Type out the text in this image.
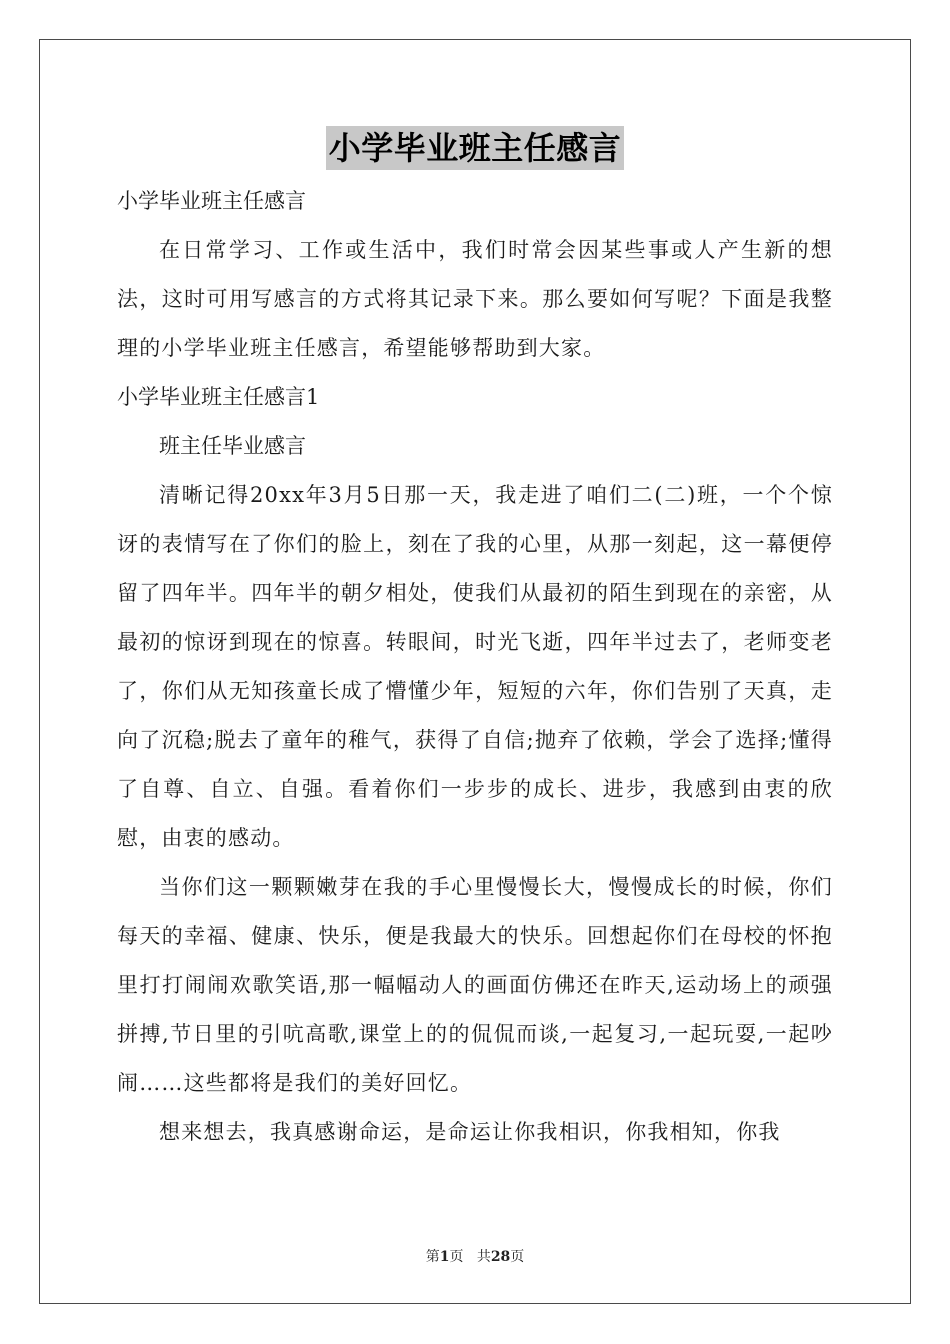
小学毕业班主任感言

小学毕业班主任感言

在日常学习、工作或生活中，我们时常会因某些事或人产生新的想法，这时可用写感言的方式将其记录下来。那么要如何写呢？下面是我整理的小学毕业班主任感言，希望能够帮助到大家。

小学毕业班主任感言1

班主任毕业感言

清晰记得20xx年3月5日那一天，我走进了咱们二(二)班，一个个惊讶的表情写在了你们的脸上，刻在了我的心里，从那一刻起，这一幕便停留了四年半。四年半的朝夕相处，使我们从最初的陌生到现在的亲密，从最初的惊讶到现在的惊喜。转眼间，时光飞逝，四年半过去了，老师变老了，你们从无知孩童长成了懵懂少年，短短的六年，你们告别了天真，走向了沉稳;脱去了童年的稚气，获得了自信;抛弃了依赖，学会了选择;懂得了自尊、自立、自强。看着你们一步步的成长、进步，我感到由衷的欣慰，由衷的感动。

当你们这一颗颗嫩芽在我的手心里慢慢长大，慢慢成长的时候，你们每天的幸福、健康、快乐，便是我最大的快乐。回想起你们在母校的怀抱里打打闹闹欢歌笑语,那一幅幅动人的画面仿佛还在昨天,运动场上的顽强拼搏,节日里的引吭高歌,课堂上的的侃侃而谈,一起复习,一起玩耍,一起吵闹……这些都将是我们的美好回忆。

想来想去，我真感谢命运，是命运让你我相识，你我相知，你我

第1页 共28页
